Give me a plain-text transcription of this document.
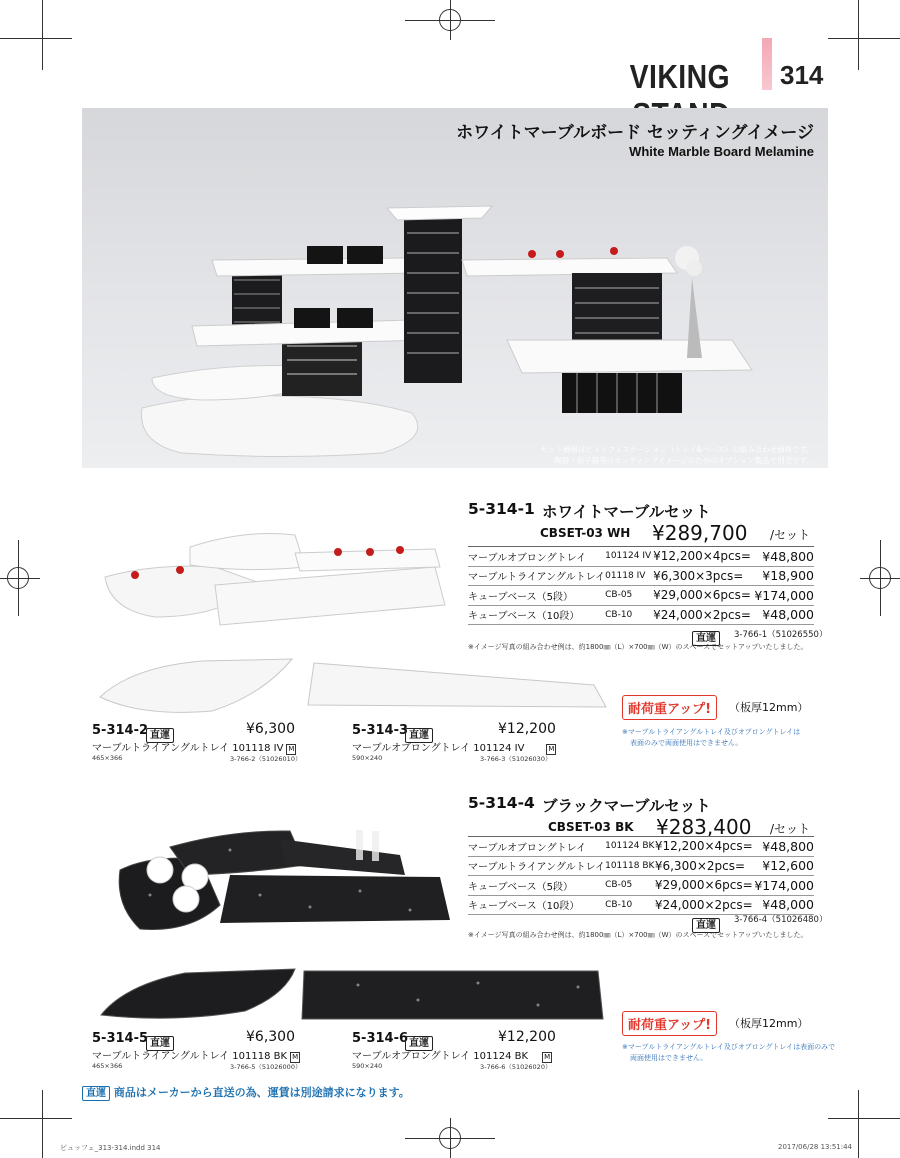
VIKING 314
ホワイトマーブルボード セッティングイメージ
White Marble Board Melamine
セット価格はビュッフェステーション（トレイ&ベース）の組み合わせ価格です。
陶器・硝子器等はセッティングイメージのためのオプション製品で別売です。
5-314-1 ホワイトマーブルセット
CBSET-03 WH ¥289,700 /セット
マーブルオブロングトレイ	101124 IV	¥12,200×4pcs=	¥48,800
マーブルトライアングルトレイ	01118 IV	¥6,300×3pcs=	¥18,900
キューブベース（5段）	CB-05	¥29,000×6pcs=	¥174,000
キューブベース（10段）	CB-10	¥24,000×2pcs=	¥48,000
直運	3-766-1（51026550）
※イメージ写真の組み合わせ例は、約1800㎜（L）×700㎜（W）のスペースでセットアップいたしました。
5-314-2 直運	¥6,300
マーブルトライアングルトレイ 101118 IV M
465×366	3-766-2（51026010）
5-314-3 直運	¥12,200
マーブルオブロングトレイ 101124 IV	M
590×240	3-766-3（51026030）
耐荷重アップ!	（板厚12mm）
※マーブルトライアングルトレイ及びオブロングトレイは
表面のみで両面使用はできません。
5-314-4 ブラックマーブルセット
CBSET-03 BK ¥283,400 /セット
マーブルオブロングトレイ	101124 BK	¥12,200×4pcs=	¥48,800
マーブルトライアングルトレイ	101118 BK	¥6,300×2pcs=	¥12,600
キューブベース（5段）	CB-05	¥29,000×6pcs=	¥174,000
キューブベース（10段）	CB-10	¥24,000×2pcs=	¥48,000
直運	3-766-4（51026480）
※イメージ写真の組み合わせ例は、約1800㎜（L）×700㎜（W）のスペースでセットアップいたしました。
5-314-5 直運	¥6,300
マーブルトライアングルトレイ 101118 BK M
465×366	3-766-5（51026000）
5-314-6 直運	¥12,200
マーブルオブロングトレイ 101124 BK M
590×240	3-766-6（51026020）
耐荷重アップ!	（板厚12mm）
※マーブルトライアングルトレイ及びオブロングトレイは表面のみで
両面使用はできません。
直運 商品はメーカーから直送の為、運賃は別途請求になります。
ビュッフェ_313-314.indd 314	2017/06/28 13:51:44
